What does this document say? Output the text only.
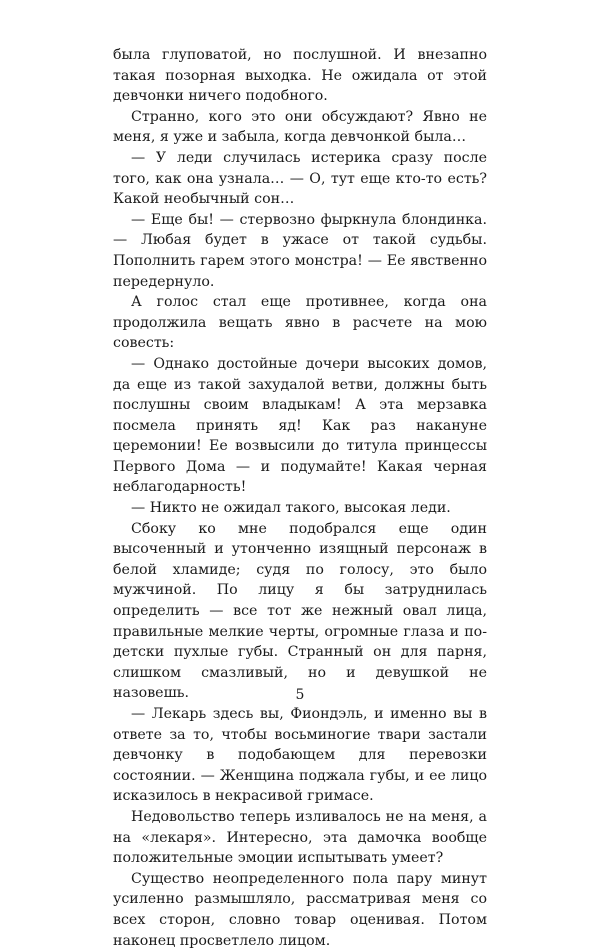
была глуповатой, но послушной. И внезапно такая позорная выходка. Не ожидала от этой девчонки ничего подобного.

Странно, кого это они обсуждают? Явно не меня, я уже и забыла, когда девчонкой была…

— У леди случилась истерика сразу после того, как она узнала… — О, тут еще кто-то есть? Какой необычный сон…

— Еще бы! — стервозно фыркнула блондинка. — Любая будет в ужасе от такой судьбы. Пополнить гарем этого монстра! — Ее явственно передернуло.

А голос стал еще противнее, когда она продолжила вещать явно в расчете на мою совесть:

— Однако достойные дочери высоких домов, да еще из такой захудалой ветви, должны быть послушны своим владыкам! А эта мерзавка посмела принять яд! Как раз накануне церемонии! Ее возвысили до титула принцессы Первого Дома — и подумайте! Какая черная неблагодарность!

— Никто не ожидал такого, высокая леди.

Сбоку ко мне подобрался еще один высоченный и утонченно изящный персонаж в белой хламиде; судя по голосу, это было мужчиной. По лицу я бы затруднилась определить — все тот же нежный овал лица, правильные мелкие черты, огромные глаза и по-детски пухлые губы. Странный он для парня, слишком смазливый, но и девушкой не назовешь.

— Лекарь здесь вы, Фиондэль, и именно вы в ответе за то, чтобы восьминогие твари застали девчонку в подобающем для перевозки состоянии. — Женщина поджала губы, и ее лицо исказилось в некрасивой гримасе.

Недовольство теперь изливалось не на меня, а на «лекаря». Интересно, эта дамочка вообще положительные эмоции испытывать умеет?

Существо неопределенного пола пару минут усиленно размышляло, рассматривая меня со всех сторон, словно товар оценивая. Потом наконец просветлело лицом.

5
